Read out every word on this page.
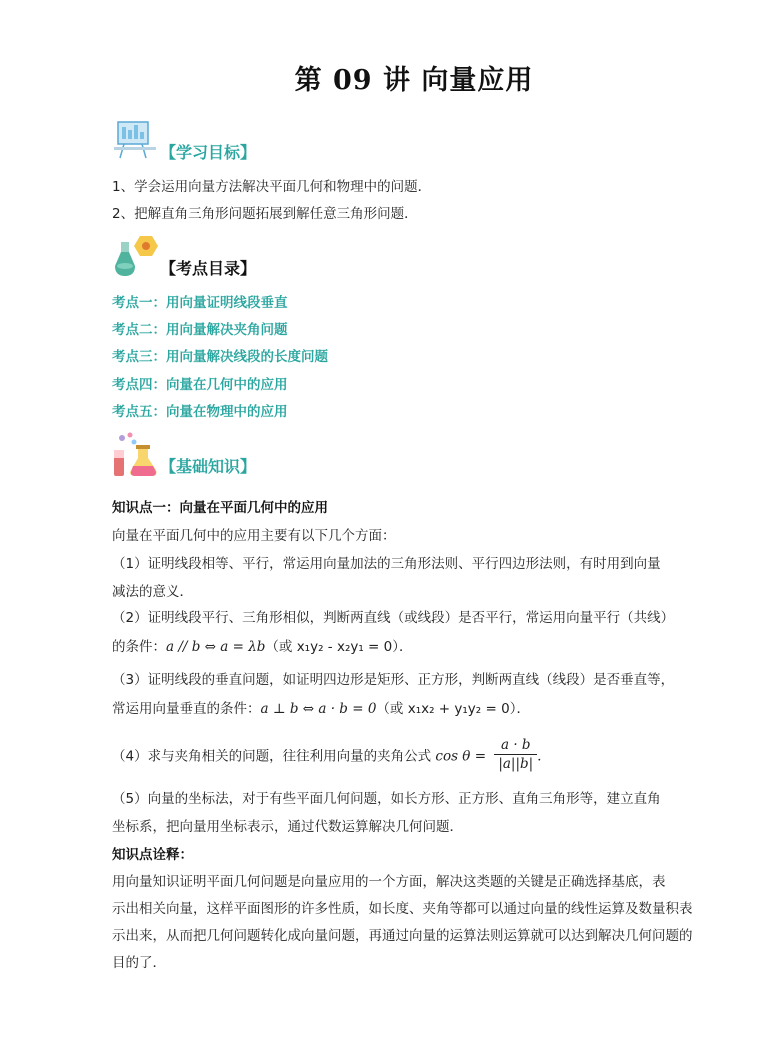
第 09 讲 向量应用
【学习目标】
1、学会运用向量方法解决平面几何和物理中的问题．
2、把解直角三角形问题拓展到解任意三角形问题．
【考点目录】
考点一：用向量证明线段垂直
考点二：用向量解决夹角问题
考点三：用向量解决线段的长度问题
考点四：向量在几何中的应用
考点五：向量在物理中的应用
【基础知识】
知识点一：向量在平面几何中的应用
向量在平面几何中的应用主要有以下几个方面：
（1）证明线段相等、平行，常运用向量加法的三角形法则、平行四边形法则，有时用到向量
减法的意义．
（2）证明线段平行、三角形相似，判断两直线（或线段）是否平行，常运用向量平行（共线）
的条件：a // b ⇔ a = λb（或 x₁y₂ - x₂y₁ = 0）．
（3）证明线段的垂直问题，如证明四边形是矩形、正方形，判断两直线（线段）是否垂直等，
常运用向量垂直的条件：a ⊥ b ⇔ a · b = 0（或 x₁x₂ + y₁y₂ = 0）．
（4）求与夹角相关的问题，往往利用向量的夹角公式 $\cos \theta = \frac{a \cdot b}{|a||b|}$ ．
（5）向量的坐标法，对于有些平面几何问题，如长方形、正方形、直角三角形等，建立直角
坐标系，把向量用坐标表示，通过代数运算解决几何问题．
知识点诠释：
用向量知识证明平面几何问题是向量应用的一个方面，解决这类题的关键是正确选择基底，表
示出相关向量，这样平面图形的许多性质，如长度、夹角等都可以通过向量的线性运算及数量积表
示出来，从而把几何问题转化成向量问题，再通过向量的运算法则运算就可以达到解决几何问题的
目的了．
